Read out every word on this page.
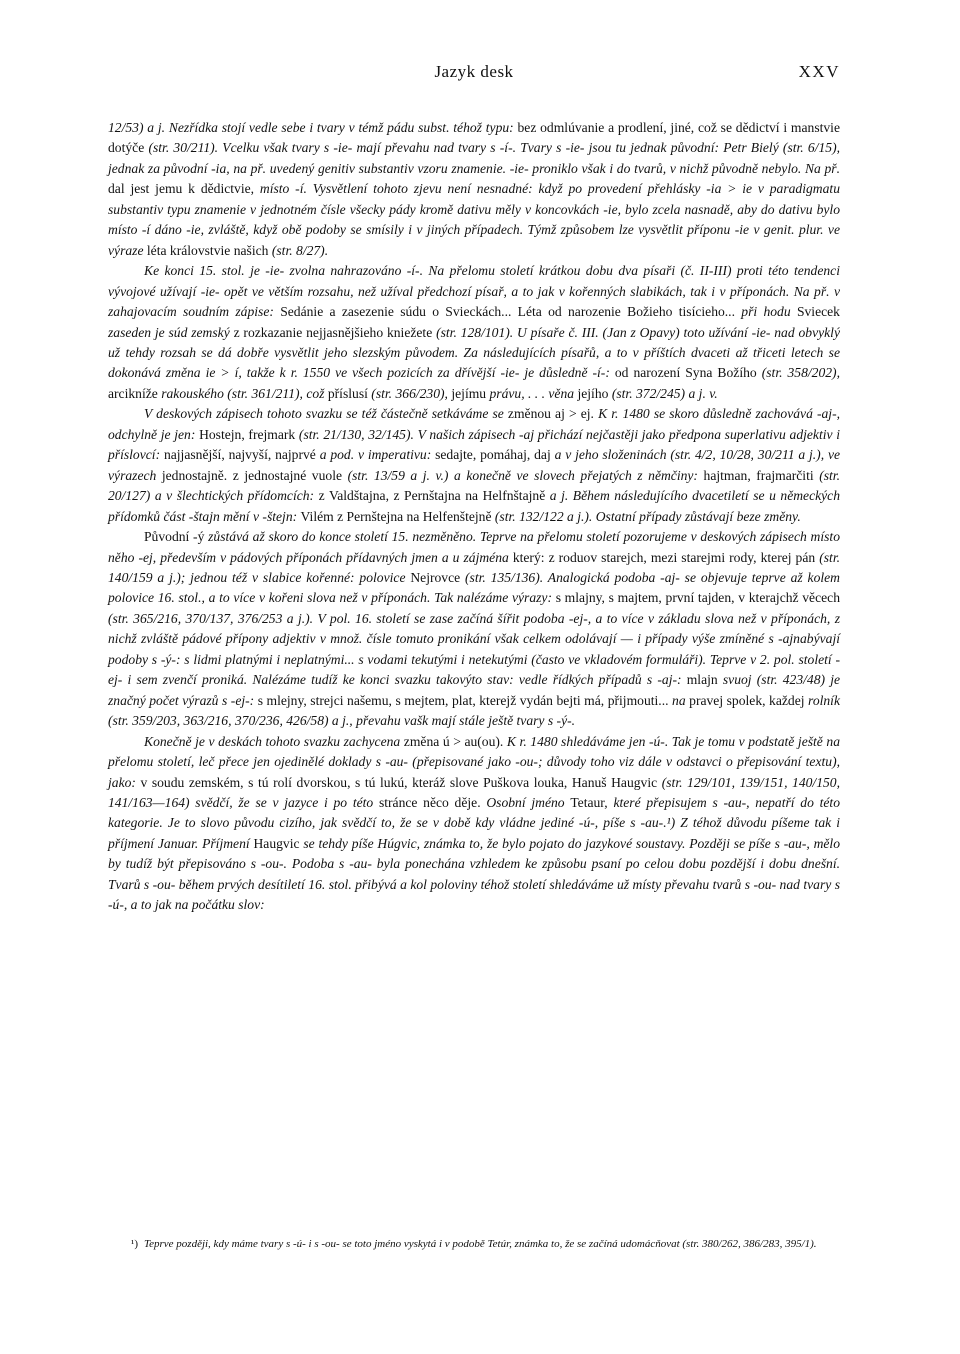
Jazyk desk	XXV

12/53) a j. Nezřídka stojí vedle sebe i tvary v témž pádu subst. téhož typu: bez odmlúvanie a prodlení, jiné, což se dědictví i manstvie dotýče (str. 30/211). Vcelku však tvary s -ie- mají převahu nad tvary s -í-. Tvary s -ie- jsou tu jednak původní: Petr Bielý (str. 6/15), jednak za původní -ia, na př. uvedený genitiv substantiv vzoru znamenie. -ie- proniklo však i do tvarů, v nichž původně nebylo. Na př. dal jest jemu k dědictvie, místo -í. Vysvětlení tohoto zjevu není nesnadné: když po provedení přehlásky -ia > ie v paradigmatu substantiv typu znamenie v jednotném čísle všecky pády kromě dativu měly v koncovkách -ie, bylo zcela nasnadě, aby do dativu bylo místo -í dáno -ie, zvláště, když obě podoby se smísily i v jiných případech. Týmž způsobem lze vysvětlit příponu -ie v genit. plur. ve výraze léta královstvie našich (str. 8/27).

Ke konci 15. stol. je -ie- zvolna nahrazováno -í-. Na přelomu století krátkou dobu dva písaři (č. II-III) proti této tendenci vývojové užívají -ie- opět ve větším rozsahu, než užíval předchozí písař, a to jak v kořenných slabikách, tak i v příponách. Na př. v zahajovacím soudním zápise: Sedánie a zasezenie súdu o Svieckách... Léta od narozenie Božieho tisícieho... při hodu Sviecek zaseden je súd zemský z rozkazanie nejjasnějšieho kniežete (str. 128/101). U písaře č. III. (Jan z Opavy) toto užívání -ie- nad obvyklý už tehdy rozsah se dá dobře vysvětlit jeho slezským původem. Za následujících písařů, a to v příštích dvaceti až třiceti letech se dokonává změna ie > í, takže k r. 1550 ve všech pozicích za dřívější -ie- je důsledně -í-: od narození Syna Božího (str. 358/202), arcikníže rakouského (str. 361/211), což příslusí (str. 366/230), jejímu právu, . . . věna jejího (str. 372/245) a j. v.

V deskových zápisech tohoto svazku se též částečně setkáváme se změnou aj > ej. K r. 1480 se skoro důsledně zachovává -aj-, odchylně je jen: Hostejn, frejmark (str. 21/130, 32/145). V našich zápisech -aj přichází nejčastěji jako předpona superlativu adjektiv i příslovcí: najjasnější, najvyší, najprvé a pod. v imperativu: sedajte, pomáhaj, daj a v jeho složeninách (str. 4/2, 10/28, 30/211 a j.), ve výrazech jednostajně. z jednostajné vuole (str. 13/59 a j. v.) a konečně ve slovech přejatých z němčiny: hajtman, frajmarčiti (str. 20/127) a v šlechtických přídomcích: z Valdštajna, z Pernštajna na Helfnštajně a j. Během následujícího dvacetiletí se u německých přídomků část -štajn mění v -štejn: Vilém z Pernštejna na Helfenštejně (str. 132/122 a j.). Ostatní případy zůstávají beze změny.

Původní -ý zůstává až skoro do konce století 15. nezměněno. Teprve na přelomu století pozorujeme v deskových zápisech místo něho -ej, především v pádových příponách přídavných jmen a u zájména který: z roduov starejch, mezi starejmi rody, kterej pán (str. 140/159 a j.); jednou též v slabice kořenné: polovice Nejrovce (str. 135/136). Analogická podoba -aj- se objevuje teprve až kolem polovice 16. stol., a to více v kořeni slova než v příponách. Tak nalézáme výrazy: s mlajny, s majtem, první tajden, v kterajchž věcech (str. 365/216, 370/137, 376/253 a j.). V pol. 16. století se zase začíná šířit podoba -ej-, a to více v základu slova než v příponách, z nichž zvláště pádové přípony adjektiv v množ. čísle tomuto pronikání však celkem odolávají — i případy výše zmíněné s -ajnabývají podoby s -ý-: s lidmi platnými i neplatnými... s vodami tekutými i netekutými (často ve vkladovém formuláři). Teprve v 2. pol. století -ej- i sem zvenčí proniká. Nalézáme tudíž ke konci svazku takovýto stav: vedle řídkých případů s -aj-: mlajn svuoj (str. 423/48) je značný počet výrazů s -ej-: s mlejny, strejci našemu, s mejtem, plat, kterejž vydán bejti má, přijmouti... na pravej spolek, každej rolník (str. 359/203, 363/216, 370/236, 426/58) a j., převahu vašk mají stále ještě tvary s -ý-.

Konečně je v deskách tohoto svazku zachycena změna ú > au(ou). K r. 1480 shledáváme jen -ú-. Tak je tomu v podstatě ještě na přelomu století, leč přece jen ojedinělé doklady s -au- (přepisované jako -ou-; důvody toho viz dále v odstavci o přepisování textu), jako: v soudu zemském, s tú rolí dvorskou, s tú lukú, kteráž slove Puškova louka, Hanuš Haugvic (str. 129/101, 139/151, 140/150, 141/163—164) svědčí, že se v jazyce i po této stránce něco děje. Osobní jméno Tetaur, které přepisujem s -au-, nepatří do této kategorie. Je to slovo původu cizího, jak svědčí to, že se v době kdy vládne jediné -ú-, píše s -au-.¹) Z téhož důvodu píšeme tak i příjmení Januar. Příjmení Haugvic se tehdy píše Húgvic, známka to, že bylo pojato do jazykové soustavy. Později se píše s -au-, mělo by tudíž být přepisováno s -ou-. Podoba s -au- byla ponechána vzhledem ke způsobu psaní po celou dobu pozdější i dobu dnešní. Tvarů s -ou- během prvých desítiletí 16. stol. přibývá a kol poloviny téhož století shledáváme už místy převahu tvarů s -ou- nad tvary s -ú-, a to jak na počátku slov:

¹) Teprve později, kdy máme tvary s -ú- i s -ou- se toto jméno vyskytá i v podobě Tetúr, známka to, že se začíná udomácňovat (str. 380/262, 386/283, 395/1).
